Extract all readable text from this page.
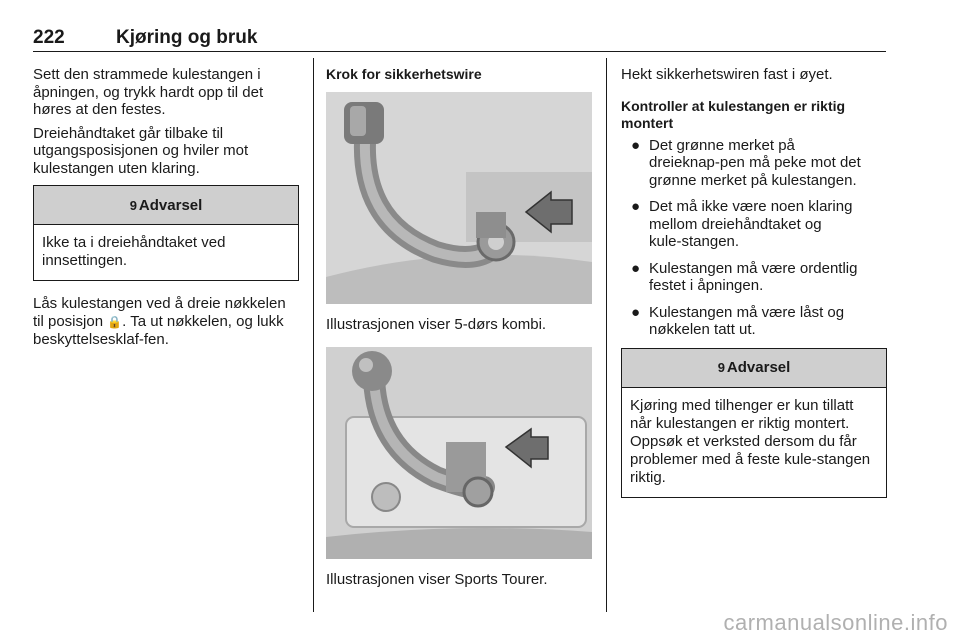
222	Kjøring og bruk

Sett den strammede kulestangen i åpningen, og trykk hardt opp til det høres at den festes.

Dreiehåndtaket går tilbake til utgangsposisjonen og hviler mot kulestangen uten klaring.

9 Advarsel
Ikke ta i dreiehåndtaket ved innsettingen.

Lås kulestangen ved å dreie nøkkelen til posisjon 🔒. Ta ut nøkkelen, og lukk beskyttelsesklaf‑fen.

Krok for sikkerhetswire

Illustrasjonen viser 5-dørs kombi.

Illustrasjonen viser Sports Tourer.

Hekt sikkerhetswiren fast i øyet.

Kontroller at kulestangen er riktig montert

● Det grønne merket på dreieknap‑pen må peke mot det grønne merket på kulestangen.
● Det må ikke være noen klaring mellom dreiehåndtaket og kule‑stangen.
● Kulestangen må være ordentlig festet i åpningen.
● Kulestangen må være låst og nøkkelen tatt ut.
9 Advarsel
Kjøring med tilhenger er kun tillatt når kulestangen er riktig montert. Oppsøk et verksted dersom du får problemer med å feste kule‑stangen riktig.
carmanualsonline.info
